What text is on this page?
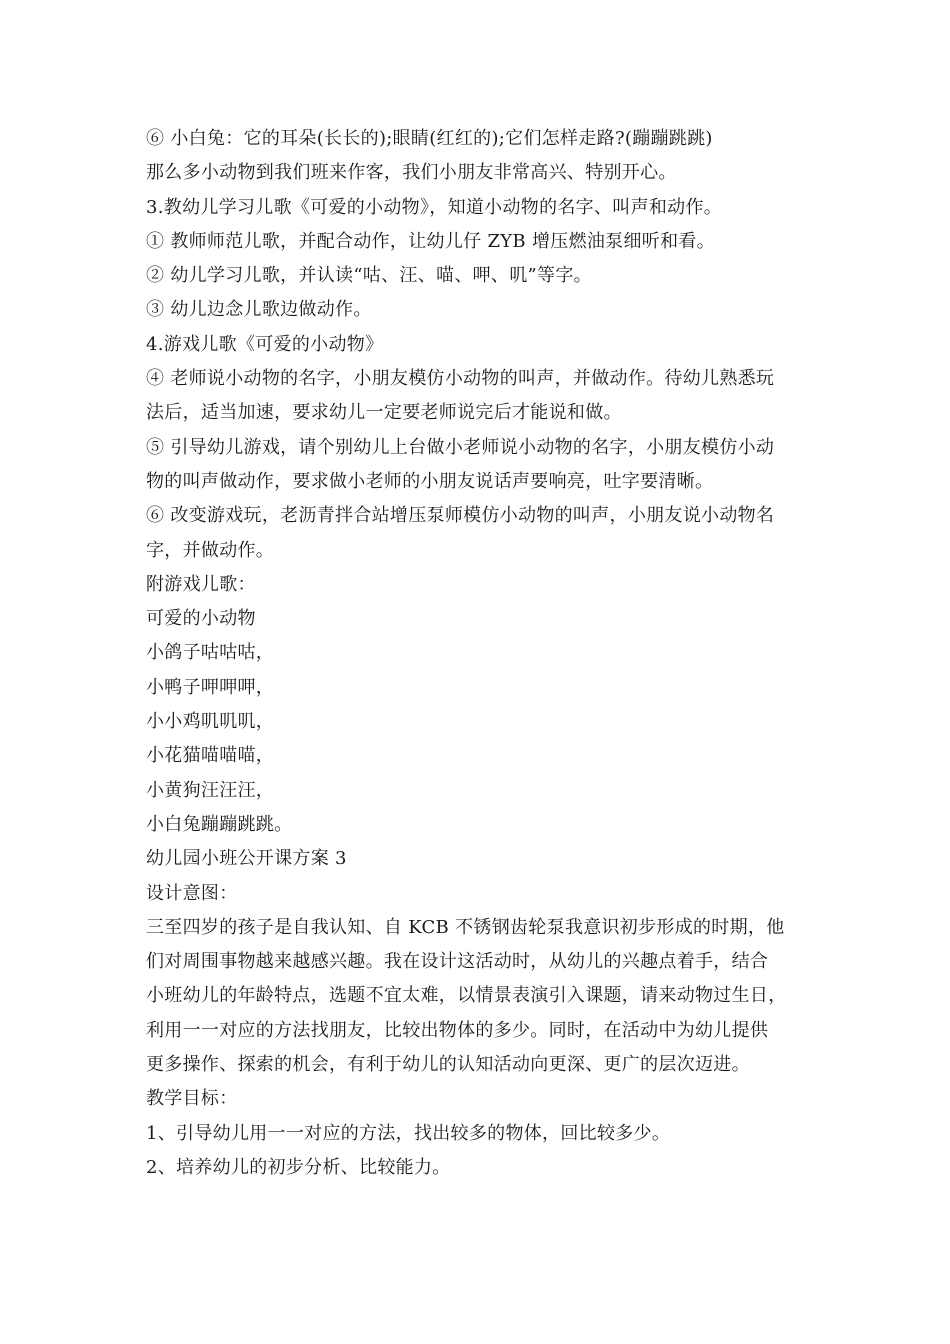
⑥ 小白兔：它的耳朵(长长的);眼睛(红红的);它们怎样走路?(蹦蹦跳跳)
那么多小动物到我们班来作客，我们小朋友非常高兴、特别开心。
3.教幼儿学习儿歌《可爱的小动物》，知道小动物的名字、叫声和动作。
① 教师师范儿歌，并配合动作，让幼儿仔 ZYB 增压燃油泵细听和看。
② 幼儿学习儿歌，并认读“咕、汪、喵、呷、叽”等字。
③ 幼儿边念儿歌边做动作。
4.游戏儿歌《可爱的小动物》
④ 老师说小动物的名字，小朋友模仿小动物的叫声，并做动作。待幼儿熟悉玩
法后，适当加速，要求幼儿一定要老师说完后才能说和做。
⑤ 引导幼儿游戏，请个别幼儿上台做小老师说小动物的名字，小朋友模仿小动
物的叫声做动作，要求做小老师的小朋友说话声要响亮，吐字要清晰。
⑥ 改变游戏玩，老沥青拌合站增压泵师模仿小动物的叫声，小朋友说小动物名
字，并做动作。
附游戏儿歌：
可爱的小动物
小鸽子咕咕咕，
小鸭子呷呷呷，
小小鸡叽叽叽，
小花猫喵喵喵，
小黄狗汪汪汪，
小白兔蹦蹦跳跳。
幼儿园小班公开课方案 3
设计意图：
三至四岁的孩子是自我认知、自 KCB 不锈钢齿轮泵我意识初步形成的时期，他
们对周围事物越来越感兴趣。我在设计这活动时，从幼儿的兴趣点着手，结合
小班幼儿的年龄特点，选题不宜太难，以情景表演引入课题，请来动物过生日，
利用一一对应的方法找朋友，比较出物体的多少。同时，在活动中为幼儿提供
更多操作、探索的机会，有利于幼儿的认知活动向更深、更广的层次迈进。
教学目标：
1、引导幼儿用一一对应的方法，找出较多的物体，回比较多少。
2、培养幼儿的初步分析、比较能力。
